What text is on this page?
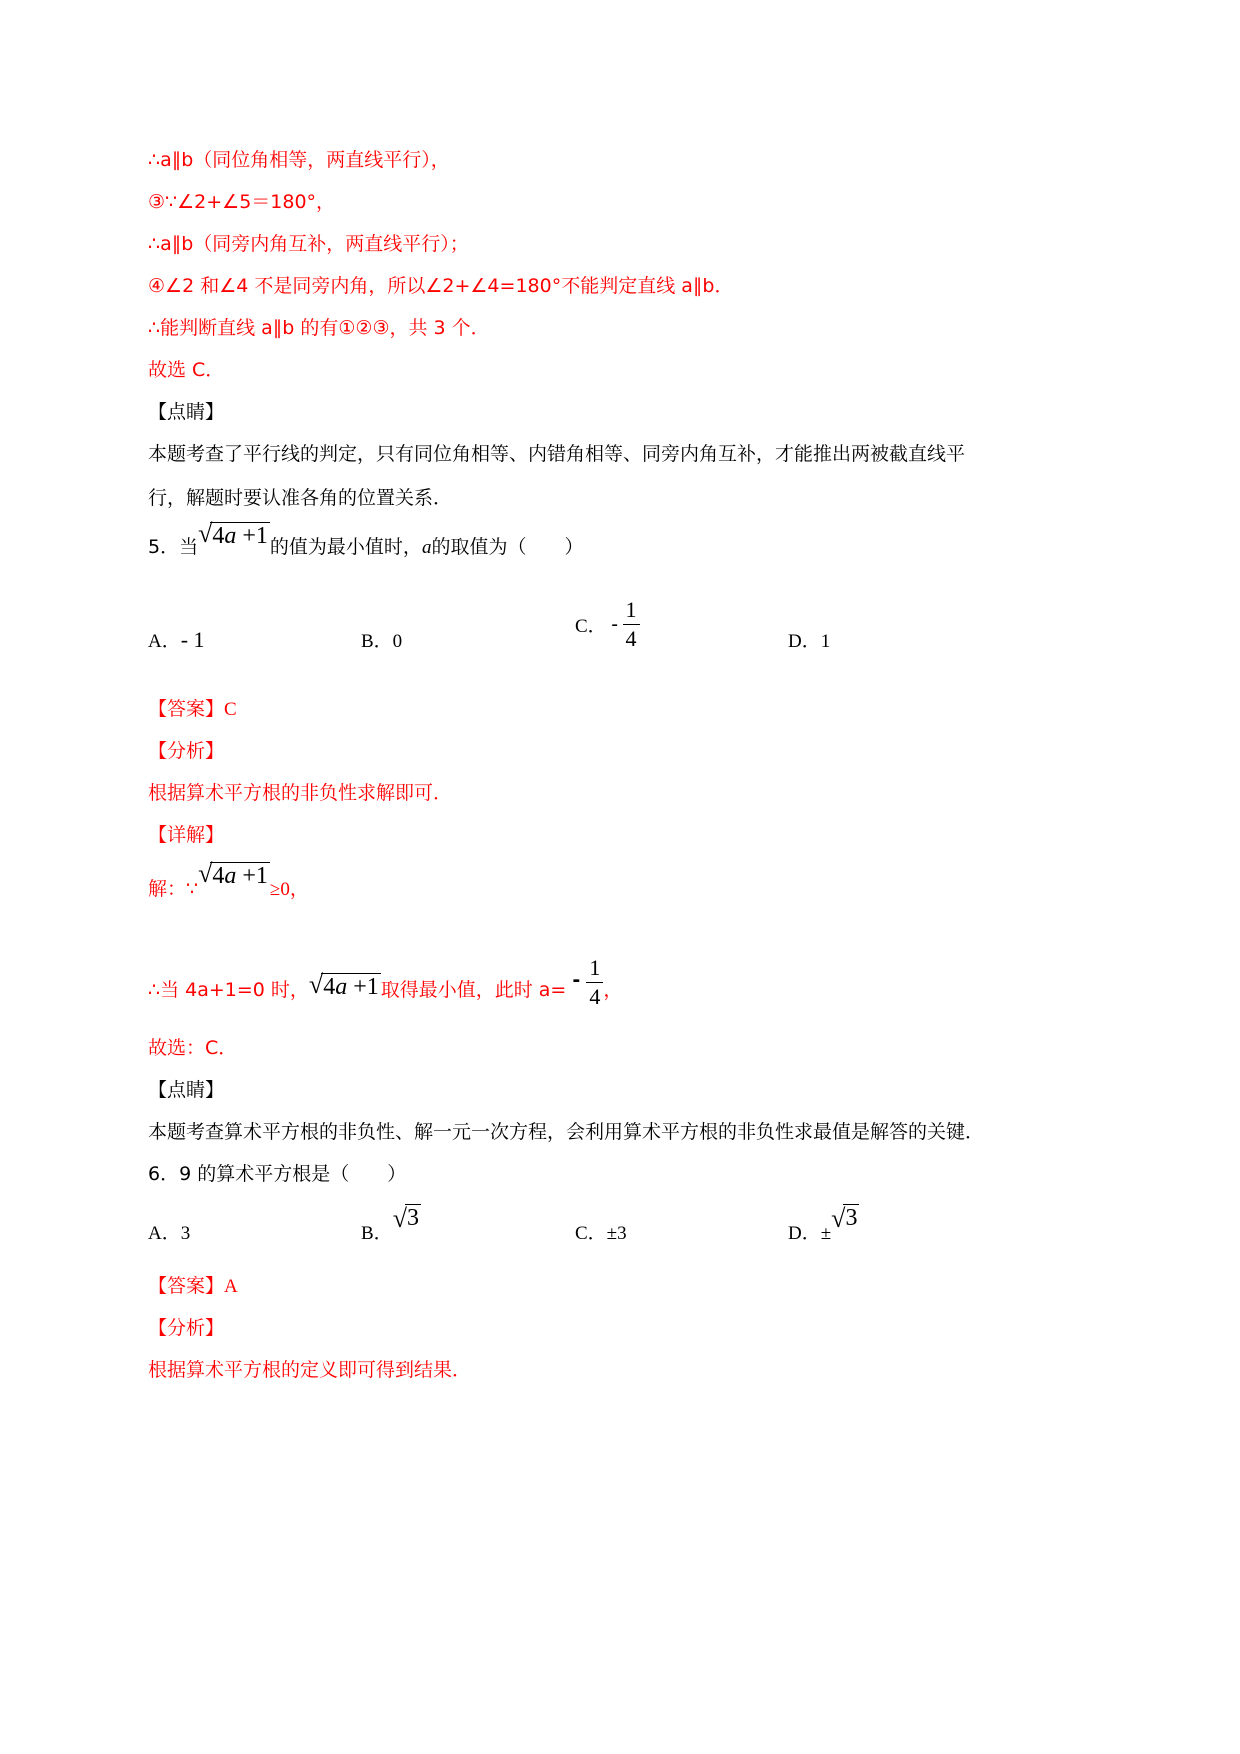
∴a∥b（同位角相等，两直线平行），
③∵∠2+∠5＝180°，
∴a∥b（同旁内角互补，两直线平行）；
④∠2 和∠4 不是同旁内角，所以∠2+∠4=180°不能判定直线 a∥b．
∴能判断直线 a∥b 的有①②③，共 3 个．
故选 C．
【点睛】
本题考查了平行线的判定，只有同位角相等、内错角相等、同旁内角互补，才能推出两被截直线平
行，解题时要认准各角的位置关系．
5．当√4a +1 的值为最小值时，a的取值为（　　）
A．- 1	B．0
C． - $\frac{1}{4}$	D．1
【答案】C
【分析】
根据算术平方根的非负性求解即可．
【详解】
解：∵√4a +1≥0，
∴当 4a+1=0 时，√4a +1 取得最小值，此时 $a= - \frac{1}{4}$ ，
故选：C．
【点睛】
本题考查算术平方根的非负性、解一元一次方程，会利用算术平方根的非负性求最值是解答的关键．
6．9 的算术平方根是（　　）
A．3	B．√3
C．±3	D．±√3
【答案】A
【分析】
根据算术平方根的定义即可得到结果．
